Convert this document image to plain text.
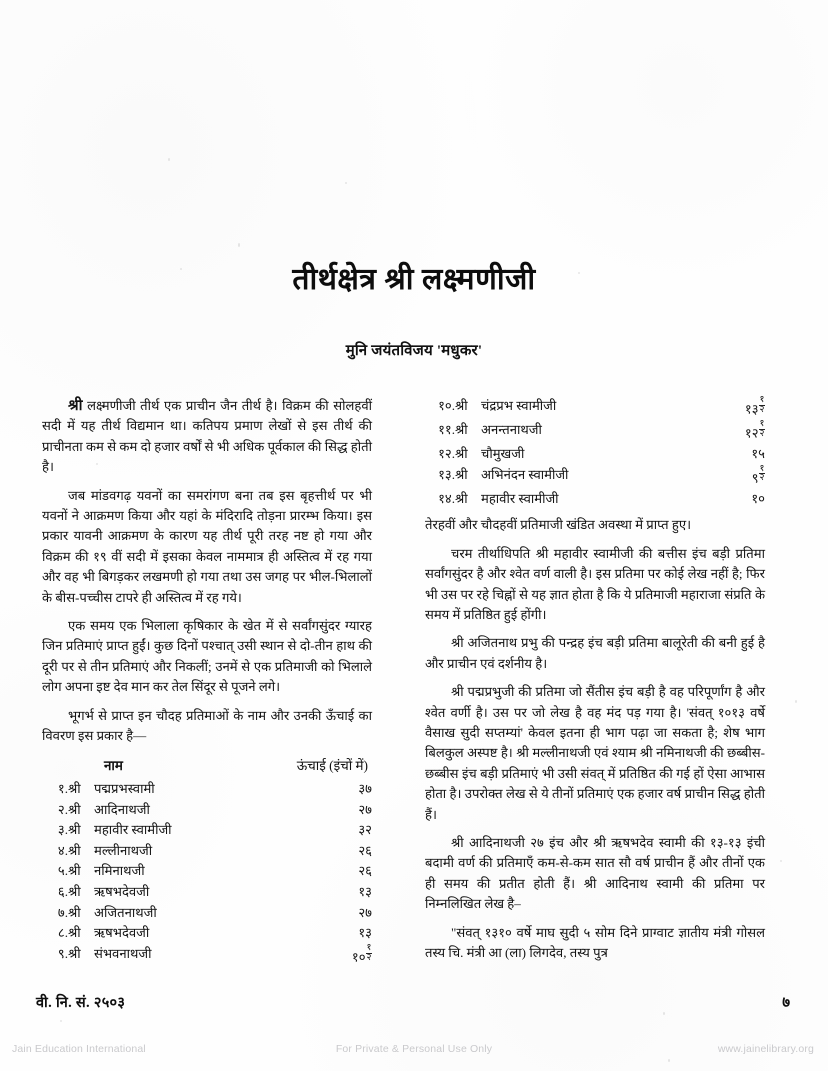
तीर्थक्षेत्र श्री लक्ष्मणीजी
मुनि जयंतविजय 'मधुकर'

श्री लक्ष्मणीजी तीर्थ एक प्राचीन जैन तीर्थ है। विक्रम की सोलहवीं सदी में यह तीर्थ विद्यमान था। कतिपय प्रमाण लेखों से इस तीर्थ की प्राचीनता कम से कम दो हजार वर्षों से भी अधिक पूर्वकाल की सिद्ध होती है।

जब मांडवगढ़ यवनों का समरांगण बना तब इस बृहत्तीर्थ पर भी यवनों ने आक्रमण किया और यहां के मंदिरादि तोड़ना प्रारम्भ किया। इस प्रकार यावनी आक्रमण के कारण यह तीर्थ पूरी तरह नष्ट हो गया और विक्रम की १९ वीं सदी में इसका केवल नाममात्र ही अस्तित्व में रह गया और वह भी बिगड़कर लखमणी हो गया तथा उस जगह पर भील-भिलालों के बीस-पच्चीस टापरे ही अस्तित्व में रह गये।

एक समय एक भिलाला कृषिकार के खेत में से सर्वांगसुंदर ग्यारह जिन प्रतिमाएं प्राप्त हुईं। कुछ दिनों पश्चात् उसी स्थान से दो-तीन हाथ की दूरी पर से तीन प्रतिमाएं और निकलीं; उनमें से एक प्रतिमाजी को भिलाले लोग अपना इष्ट देव मान कर तेल सिंदूर से पूजने लगे।

भूगर्भ से प्राप्त इन चौदह प्रतिमाओं के नाम और उनकी ऊँचाई का विवरण इस प्रकार है—

नाम			ऊंचाई (इंचों में)
१.	श्री	पद्मप्रभस्वामी	३७
२.	श्री	आदिनाथजी	२७
३.	श्री	महावीर स्वामीजी	३२
४.	श्री	मल्लीनाथजी	२६
५.	श्री	नमिनाथजी	२६
६.	श्री	ऋषभदेवजी	१३
७.	श्री	अजितनाथजी	२७
८.	श्री	ऋषभदेवजी	१३
९.	श्री	संभवनाथजी	१० $\frac{१}{२}$
१०.	श्री	चंद्रप्रभ स्वामीजी	१३ $\frac{१}{२}$

११.	श्री	अनन्तनाथजी	१२ $\frac{१}{२}$

१२.	श्री	चौमुखजी	१५
१३.	श्री	अभिनंदन स्वामीजी	९ $\frac{१}{२}$

१४.	श्री	महावीर स्वामीजी	१०

तेरहवीं और चौदहवीं प्रतिमाजी खंडित अवस्था में प्राप्त हुए।

चरम तीर्थाधिपति श्री महावीर स्वामीजी की बत्तीस इंच बड़ी प्रतिमा सर्वांगसुंदर है और श्वेत वर्ण वाली है। इस प्रतिमा पर कोई लेख नहीं है; फिर भी उस पर रहे चिह्नों से यह ज्ञात होता है कि ये प्रतिमाजी महाराजा संप्रति के समय में प्रतिष्ठित हुई होंगी।

श्री अजितनाथ प्रभु की पन्द्रह इंच बड़ी प्रतिमा बालूरेती की बनी हुई है और प्राचीन एवं दर्शनीय है।

श्री पद्मप्रभुजी की प्रतिमा जो सैंतीस इंच बड़ी है वह परिपूर्णांग है और श्वेत वर्णी है। उस पर जो लेख है वह मंद पड़ गया है। 'संवत् १०१३ वर्षे वैसाख सुदी सप्तम्यां' केवल इतना ही भाग पढ़ा जा सकता है; शेष भाग बिलकुल अस्पष्ट है। श्री मल्लीनाथजी एवं श्याम श्री नमिनाथजी की छब्बीस-छब्बीस इंच बड़ी प्रतिमाएं भी उसी संवत् में प्रतिष्ठित की गई हों ऐसा आभास होता है। उपरोक्त लेख से ये तीनों प्रतिमाएं एक हजार वर्ष प्राचीन सिद्ध होती हैं।

श्री आदिनाथजी २७ इंच और श्री ऋषभदेव स्वामी की १३-१३ इंची बदामी वर्ण की प्रतिमाएँ कम-से-कम सात सौ वर्ष प्राचीन हैं और तीनों एक ही समय की प्रतीत होती हैं। श्री आदिनाथ स्वामी की प्रतिमा पर निम्नलिखित लेख है–

"संवत् १३१० वर्षे माघ सुदी ५ सोम दिने प्राग्वाट ज्ञातीय मंत्री गोसल तस्य चि. मंत्री आ (ला) लिगदेव, तस्य पुत्र

वी. नि. सं. २५०३	७
Jain Education International	For Private & Personal Use Only	www.jainelibrary.org
